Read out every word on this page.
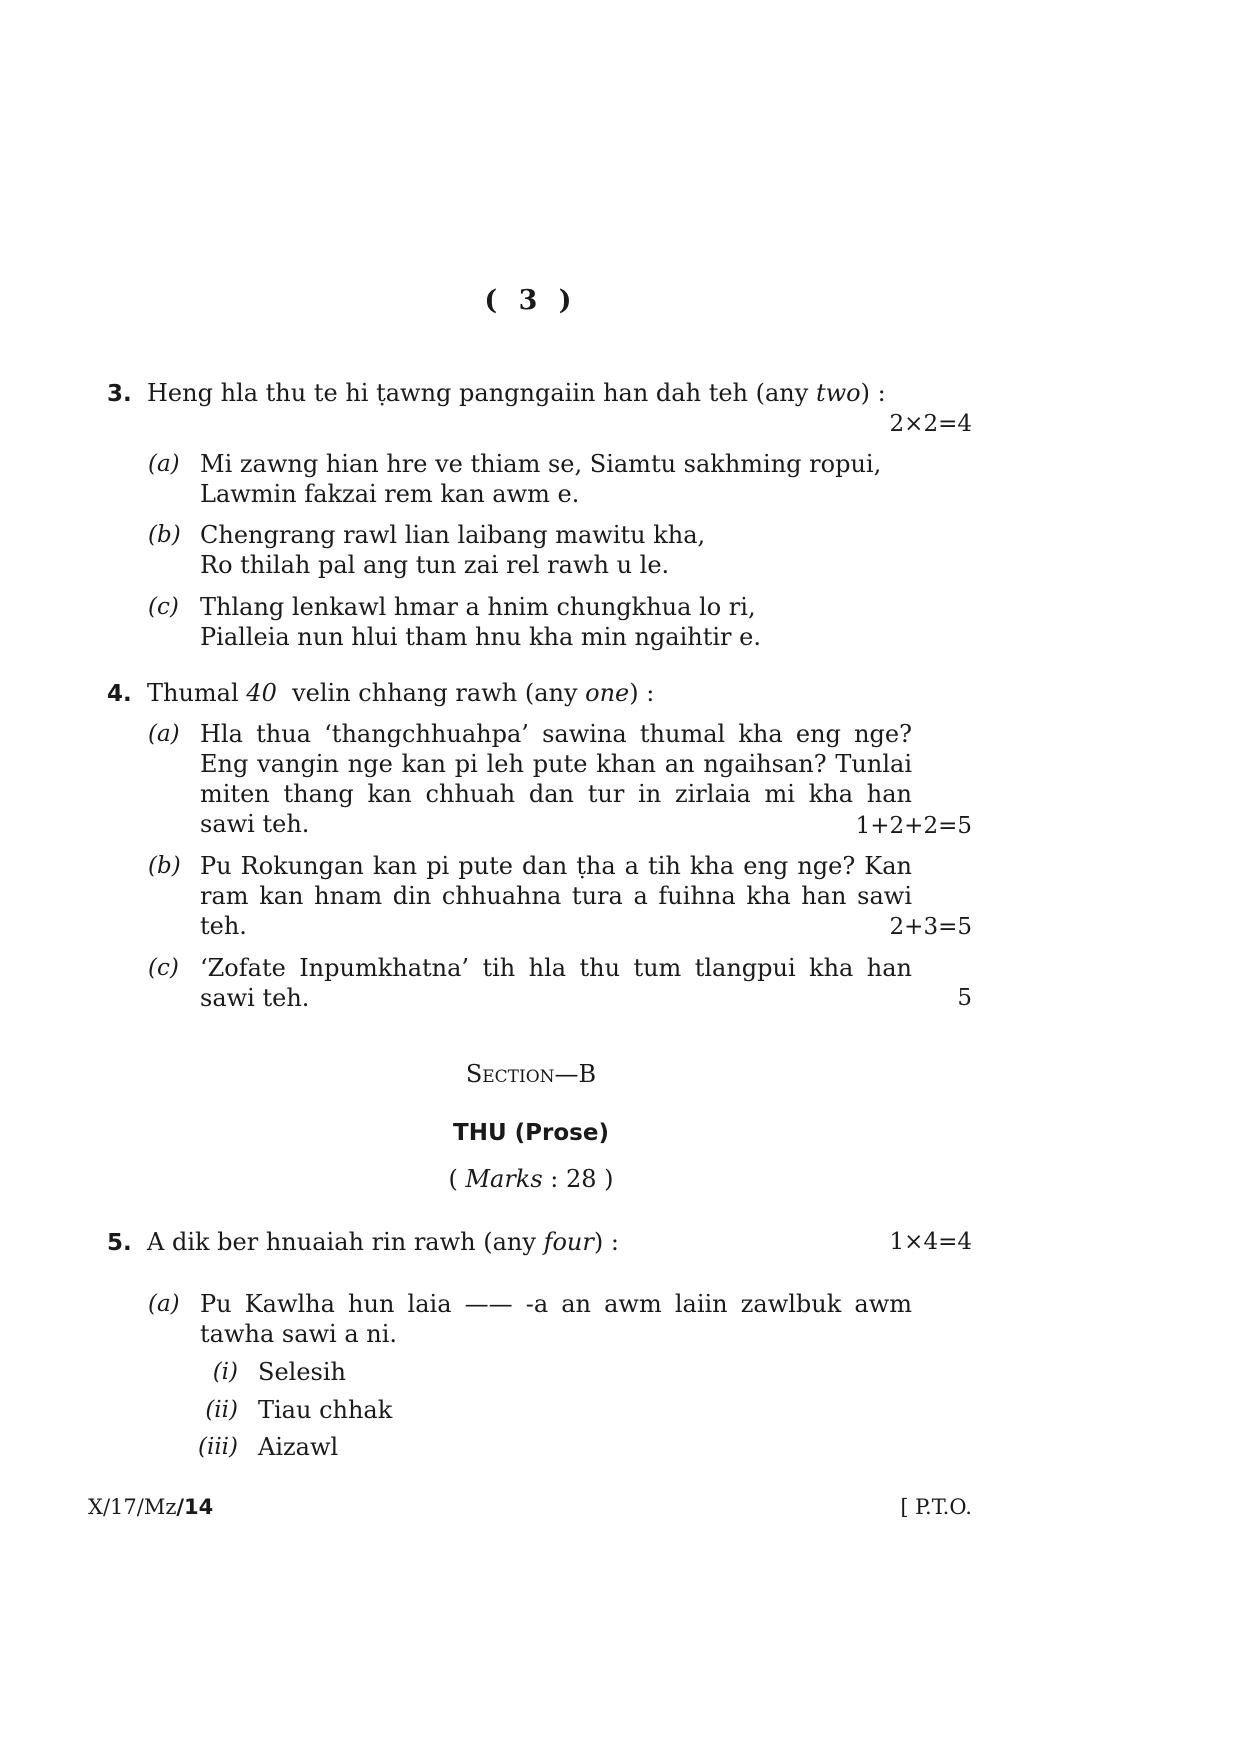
( 3 )
3. Heng hla thu te hi ṭawng pangngaiin han dah teh (any two) :
2×2=4
(a) Mi zawng hian hre ve thiam se, Siamtu sakhming ropui,
Lawmin fakzai rem kan awm e.
(b) Chengrang rawl lian laibang mawitu kha,
Ro thilah pal ang tun zai rel rawh u le.
(c) Thlang lenkawl hmar a hnim chungkhua lo ri,
Pialleia nun hlui tham hnu kha min ngaihtir e.
4. Thumal 40  velin chhang rawh (any one) :
(a) Hla thua ‘thangchhuahpa’ sawina thumal kha eng nge? Eng vangin nge kan pi leh pute khan an ngaihsan? Tunlai miten thang kan chhuah dan tur in zirlaia mi kha han sawi teh.	1+2+2=5
(b) Pu Rokungan kan pi pute dan ṭha a tih kha eng nge? Kan ram kan hnam din chhuahna tura a fuihna kha han sawi teh.	2+3=5
(c) ‘Zofate Inpumkhatna’ tih hla thu tum tlangpui kha han sawi teh.	5
Section—B
THU (Prose)
( Marks : 28 )
5. A dik ber hnuaiah rin rawh (any four) :	1×4=4
(a) Pu Kawlha hun laia —— -a an awm laiin zawlbuk awm tawha sawi a ni.
(i) Selesih
(ii) Tiau chhak
(iii) Aizawl
X/17/Mz/14	[ P.T.O.
